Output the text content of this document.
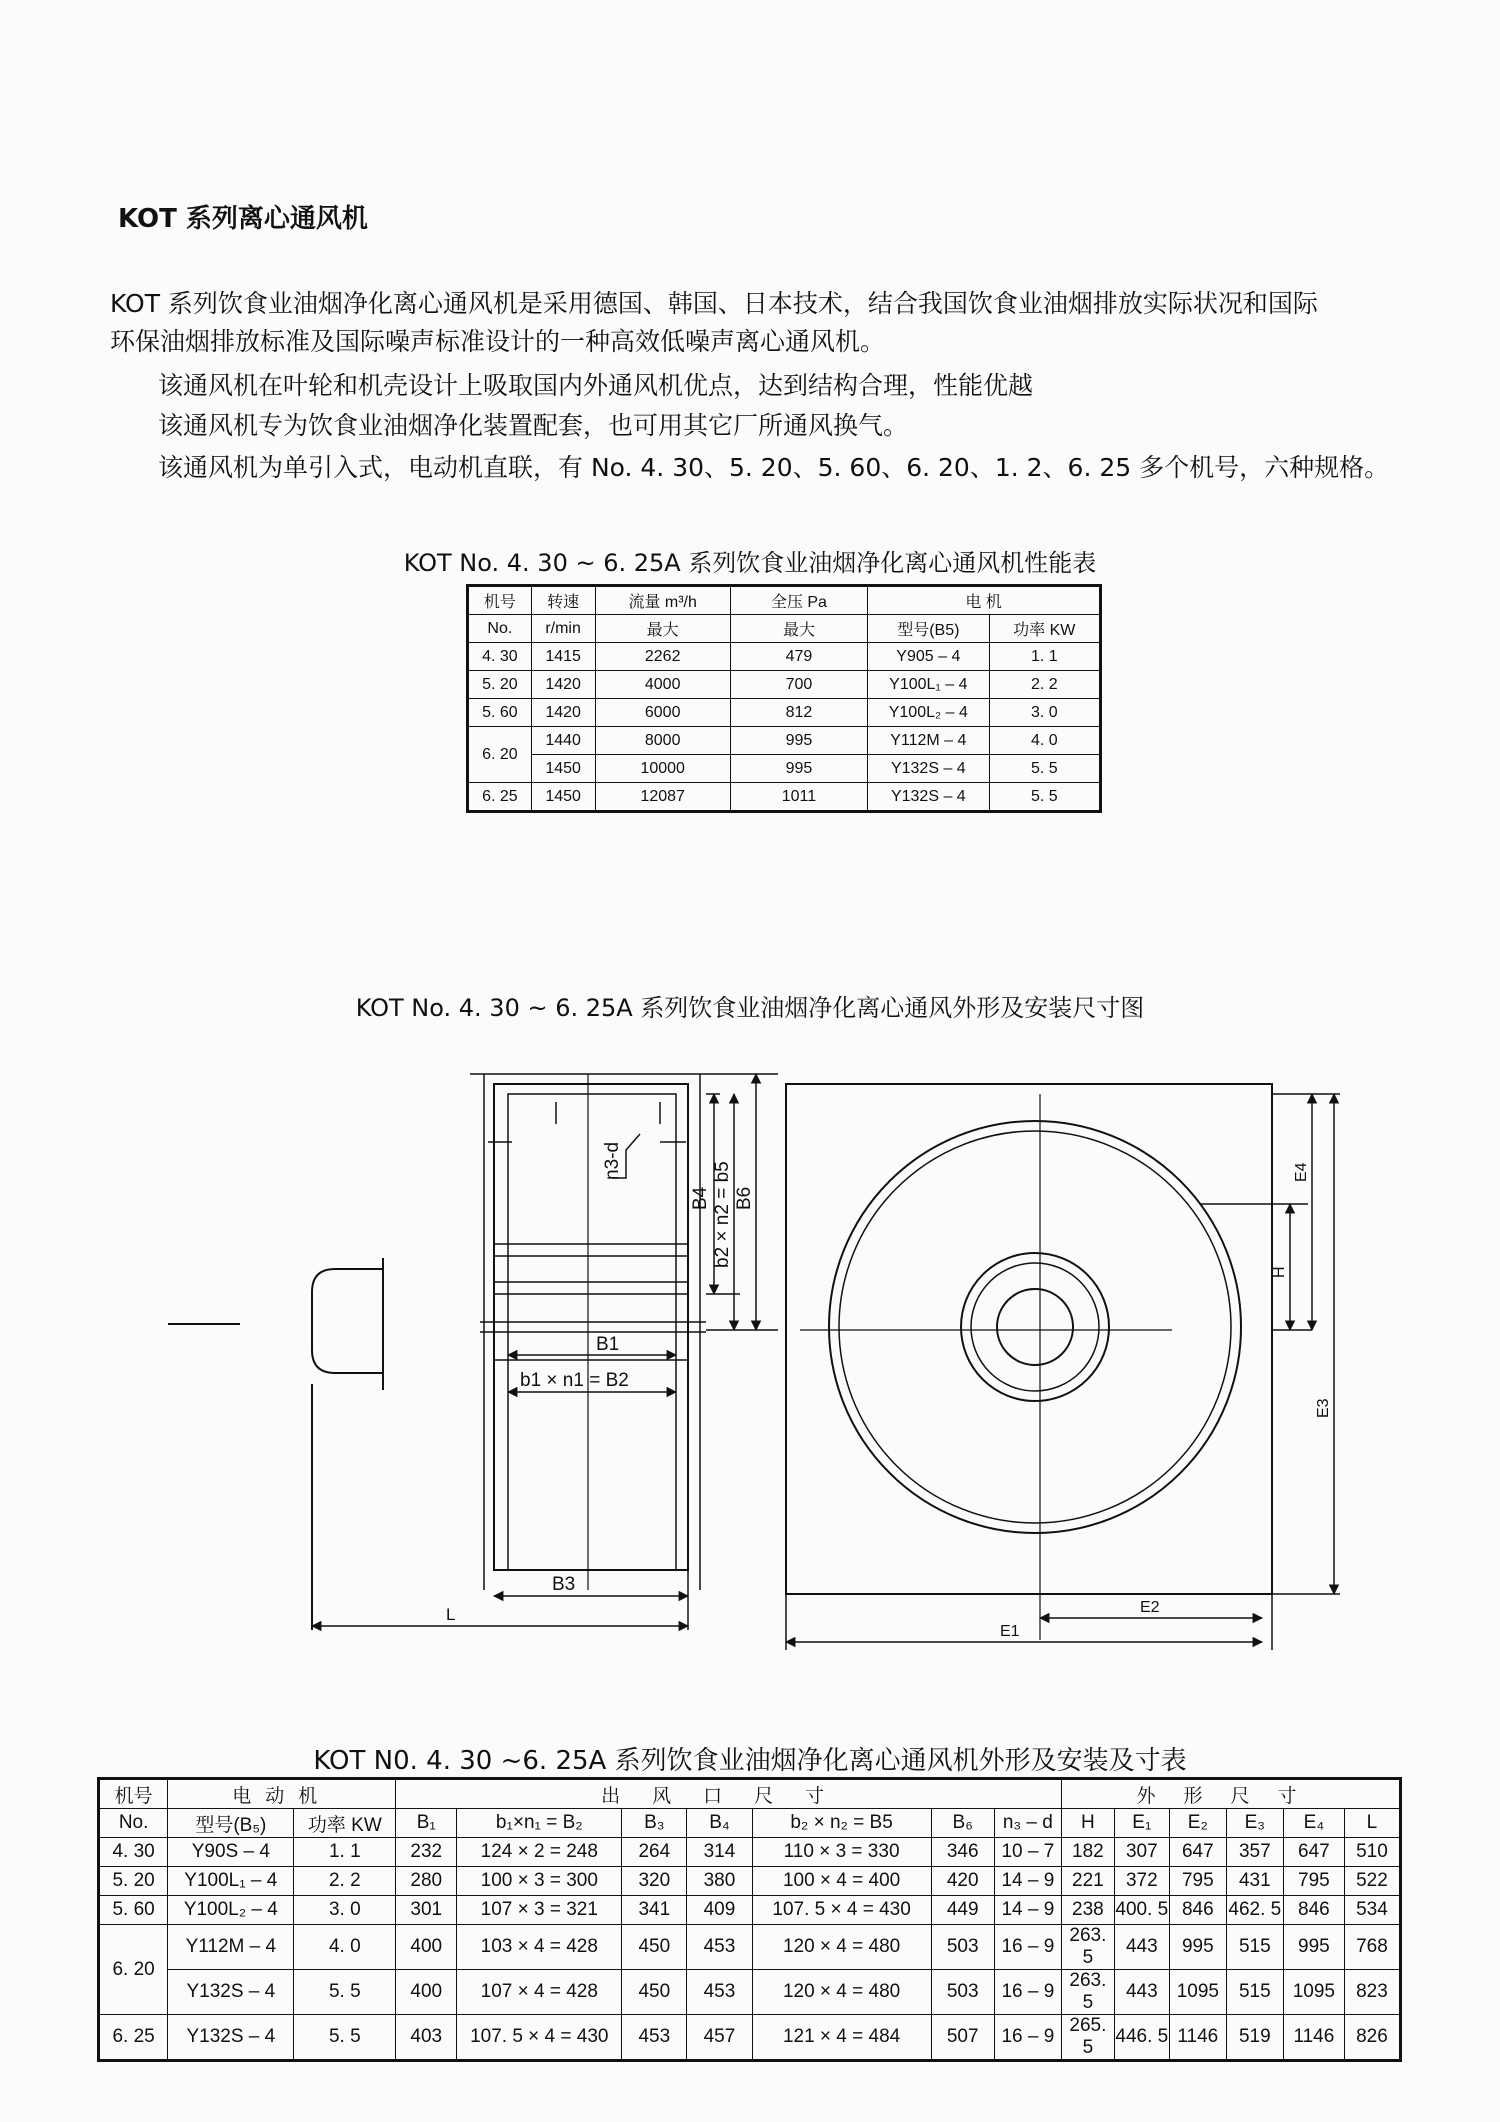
KOT 系列离心通风机
KOT 系列饮食业油烟净化离心通风机是采用德国、韩国、日本技术，结合我国饮食业油烟排放实际状况和国际
环保油烟排放标准及国际噪声标准设计的一种高效低噪声离心通风机。
该通风机在叶轮和机壳设计上吸取国内外通风机优点，达到结构合理，性能优越
该通风机专为饮食业油烟净化装置配套，也可用其它厂所通风换气。
该通风机为单引入式，电动机直联，有 No. 4. 30、5. 20、5. 60、6. 20、1. 2、6. 25 多个机号，六种规格。
KOT No. 4. 30 ~ 6. 25A 系列饮食业油烟净化离心通风机性能表
机号	转速	流量 m³/h	全压 Pa	电 机	
No.	r/min	最大	最大	型号(B5)	功率 KW
4. 30	1415	2262	479	Y905 – 4	1. 1
5. 20	1420	4000	700	Y100L₁ – 4	2. 2
5. 60	1420	6000	812	Y100L₂ – 4	3. 0
6. 20	1440	8000	995	Y112M – 4	4. 0
	1450	10000	995	Y132S – 4	5. 5
6. 25	1450	12087	1011	Y132S – 4	5. 5
KOT No. 4. 30 ~ 6. 25A 系列饮食业油烟净化离心通风外形及安装尺寸图
n3-d
B4 b2 × n2 = b5 B6
B1
b1 × n1 = B2
B3
L
H
E4
E3
E2
E1
KOT N0. 4. 30 ~6. 25A 系列饮食业油烟净化离心通风机外形及安装及寸表
机号	电动机		出风口尺寸							外形尺寸					
No.	型号(B₅)	功率 KW	B₁	b₁×n₁ = B₂	B₃	B₄	b₂ × n₂ = B5	B₆	n₃ – d	H	E₁	E₂	E₃	E₄	L
4. 30	Y90S – 4	1. 1	232	124 × 2 = 248	264	314	110 × 3 = 330	346	10 – 7	182	307	647	357	647	510
5. 20	Y100L₁ – 4	2. 2	280	100 × 3 = 300	320	380	100 × 4 = 400	420	14 – 9	221	372	795	431	795	522
5. 60	Y100L₂ – 4	3. 0	301	107 × 3 = 321	341	409	107. 5 × 4 = 430	449	14 – 9	238	400. 5	846	462. 5	846	534
6. 20	Y112M – 4	4. 0	400	103 × 4 = 428	450	453	120 × 4 = 480	503	16 – 9	263. 5	443	995	515	995	768
	Y132S – 4	5. 5	400	107 × 4 = 428	450	453	120 × 4 = 480	503	16 – 9	263. 5	443	1095	515	1095	823
6. 25	Y132S – 4	5. 5	403	107. 5 × 4 = 430	453	457	121 × 4 = 484	507	16 – 9	265. 5	446. 5	1146	519	1146	826
